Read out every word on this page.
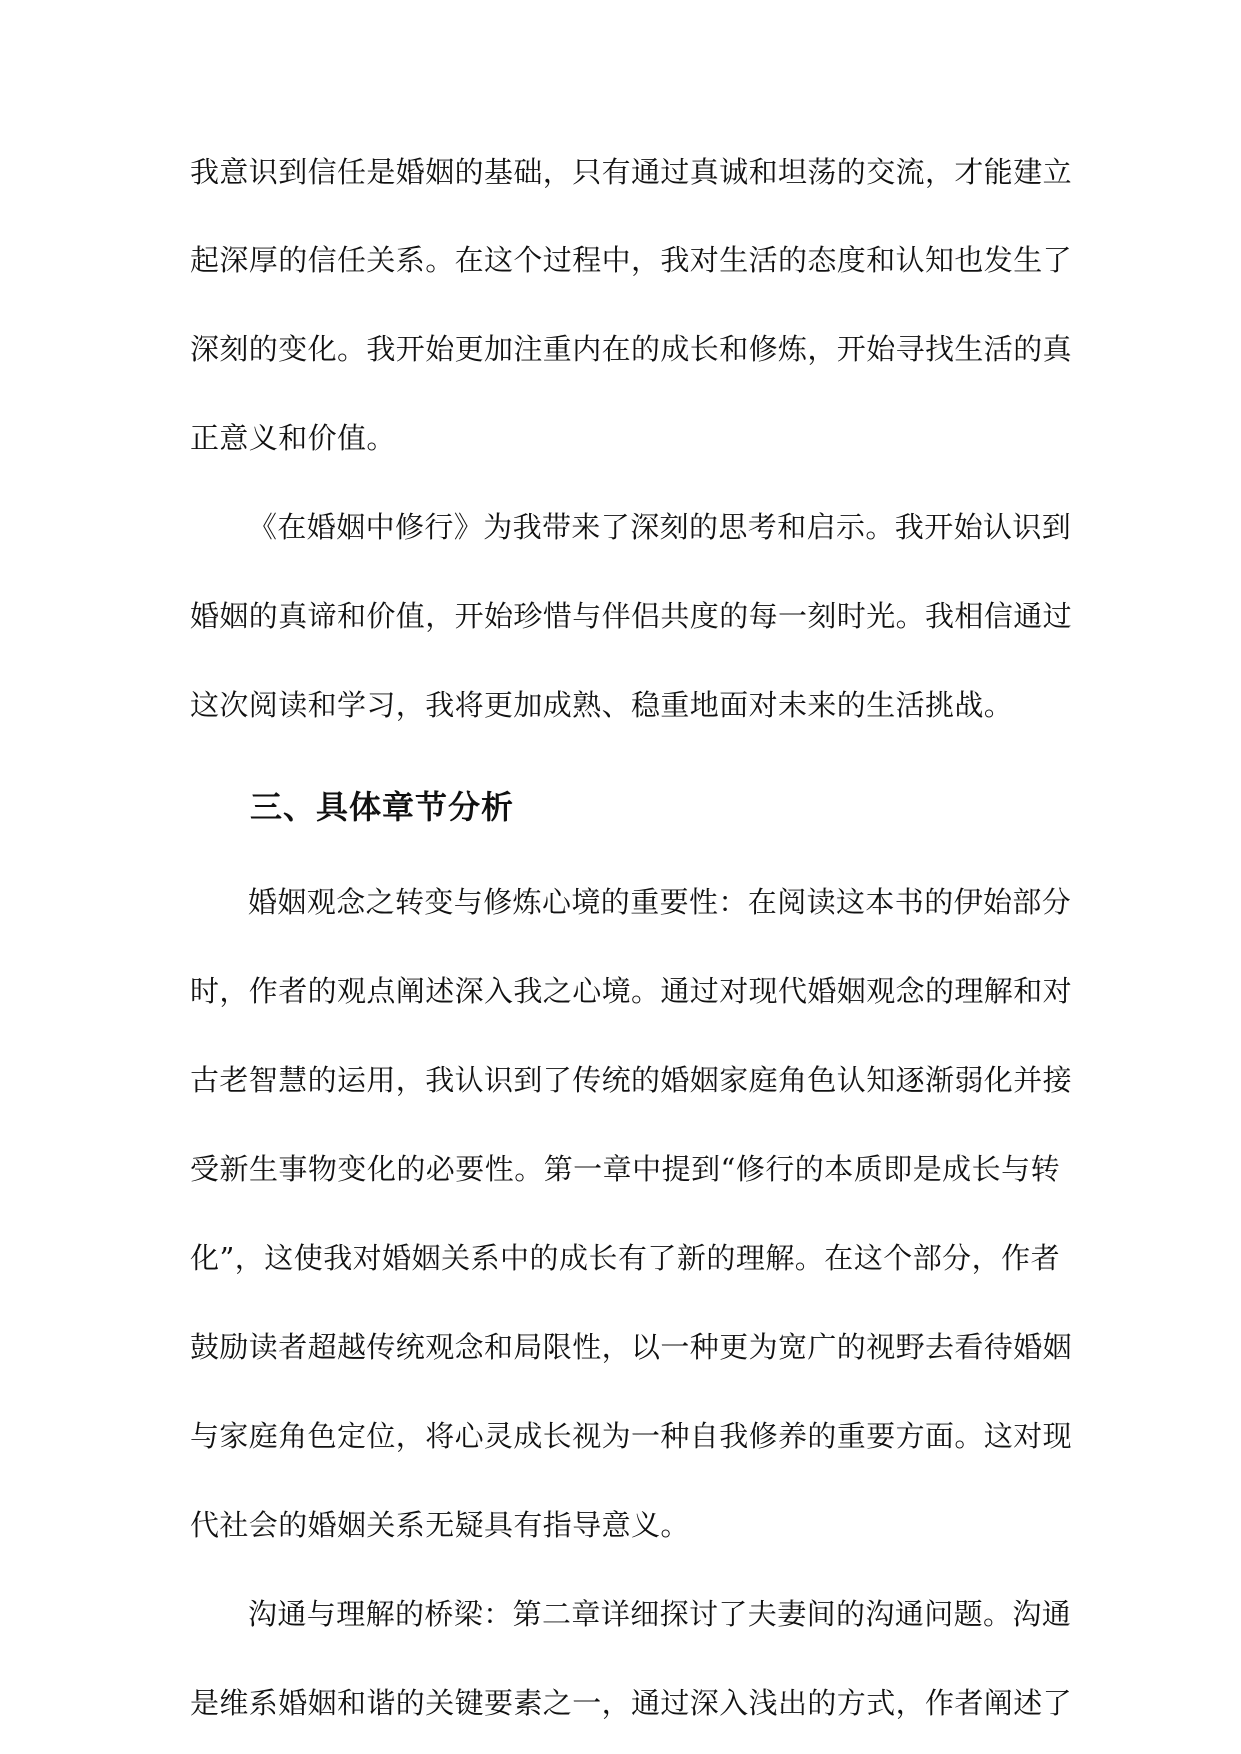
我意识到信任是婚姻的基础，只有通过真诚和坦荡的交流，才能建立
起深厚的信任关系。在这个过程中，我对生活的态度和认知也发生了
深刻的变化。我开始更加注重内在的成长和修炼，开始寻找生活的真
正意义和价值。
《在婚姻中修行》为我带来了深刻的思考和启示。我开始认识到
婚姻的真谛和价值，开始珍惜与伴侣共度的每一刻时光。我相信通过
这次阅读和学习，我将更加成熟、稳重地面对未来的生活挑战。
三、具体章节分析
婚姻观念之转变与修炼心境的重要性：在阅读这本书的伊始部分
时，作者的观点阐述深入我之心境。通过对现代婚姻观念的理解和对
古老智慧的运用，我认识到了传统的婚姻家庭角色认知逐渐弱化并接
受新生事物变化的必要性。第一章中提到“修行的本质即是成长与转
化”，这使我对婚姻关系中的成长有了新的理解。在这个部分，作者
鼓励读者超越传统观念和局限性，以一种更为宽广的视野去看待婚姻
与家庭角色定位，将心灵成长视为一种自我修养的重要方面。这对现
代社会的婚姻关系无疑具有指导意义。
沟通与理解的桥梁：第二章详细探讨了夫妻间的沟通问题。沟通
是维系婚姻和谐的关键要素之一，通过深入浅出的方式，作者阐述了
